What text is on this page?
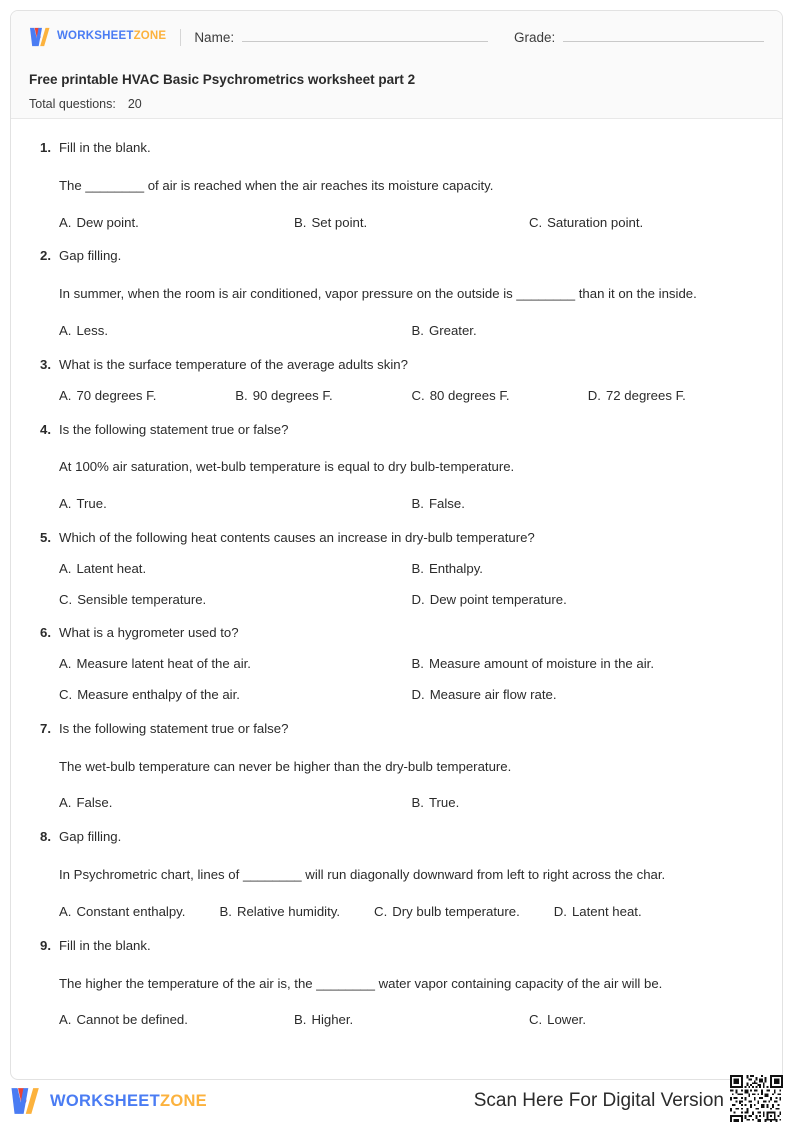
WORKSHEETZONE Name:	Grade:
Free printable HVAC Basic Psychrometrics worksheet part 2
Total questions: 20
1. Fill in the blank.
The ________ of air is reached when the air reaches its moisture capacity.
A. Dew point.	B. Set point.	C. Saturation point.
2. Gap filling.
In summer, when the room is air conditioned, vapor pressure on the outside is ________ than it on the inside.
A. Less.	B. Greater.
3. What is the surface temperature of the average adults skin?
A. 70 degrees F.	B. 90 degrees F.	C. 80 degrees F.	D. 72 degrees F.
4. Is the following statement true or false?
At 100% air saturation, wet-bulb temperature is equal to dry bulb-temperature.
A. True.	B. False.
5. Which of the following heat contents causes an increase in dry-bulb temperature?
A. Latent heat.	B. Enthalpy.
C. Sensible temperature.	D. Dew point temperature.
6. What is a hygrometer used to?
A. Measure latent heat of the air.	B. Measure amount of moisture in the air.
C. Measure enthalpy of the air.	D. Measure air flow rate.
7. Is the following statement true or false?
The wet-bulb temperature can never be higher than the dry-bulb temperature.
A. False.	B. True.
8. Gap filling.
In Psychrometric chart, lines of ________ will run diagonally downward from left to right across the char.
A. Constant enthalpy.	B. Relative humidity.	C. Dry bulb temperature.	D. Latent heat.
9. Fill in the blank.
The higher the temperature of the air is, the ________ water vapor containing capacity of the air will be.
A. Cannot be defined.	B. Higher.	C. Lower.
WORKSHEETZONE	Scan Here For Digital Version
